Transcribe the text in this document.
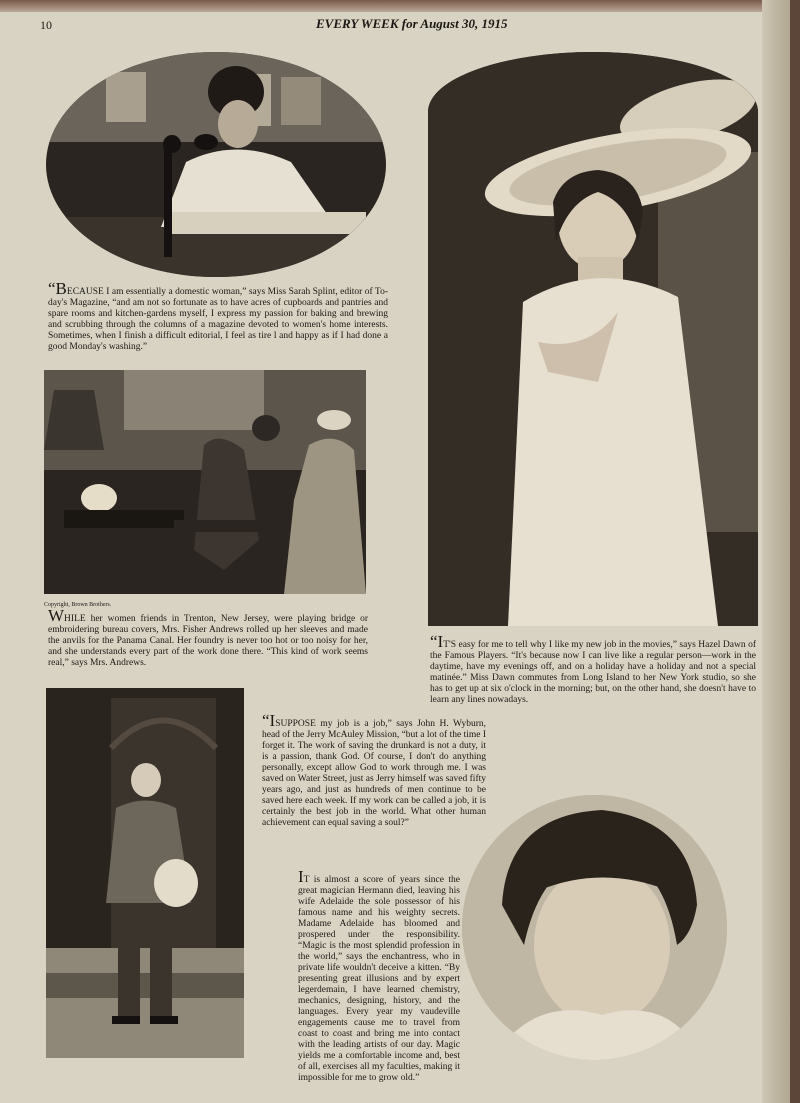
10	EVERY WEEK for August 30, 1915
“BECAUSE I am essentially a domestic woman,” says Miss Sarah Splint, editor of To-day's Magazine, “and am not so fortunate as to have acres of cupboards and pantries and spare rooms and kitchen-gardens myself, I express my passion for baking and brewing and scrubbing through the columns of a magazine devoted to women's home interests. Sometimes, when I finish a difficult editorial, I feel as tire l and happy as if I had done a good Monday's washing.”
Copyright, Brown Brothers.
WHILE her women friends in Trenton, New Jersey, were playing bridge or embroidering bureau covers, Mrs. Fisher Andrews rolled up her sleeves and made the anvils for the Panama Canal. Her foundry is never too hot or too noisy for her, and she understands every part of the work done there. “This kind of work seems real,” says Mrs. Andrews.
“IT'S easy for me to tell why I like my new job in the movies,” says Hazel Dawn of the Famous Players. “It's because now I can live like a regular person—work in the daytime, have my evenings off, and on a holiday have a holiday and not a special matinée.” Miss Dawn commutes from Long Island to her New York studio, so she has to get up at six o'clock in the morning; but, on the other hand, she doesn't have to learn any lines nowadays.
“ISUPPOSE my job is a job,” says John H. Wyburn, head of the Jerry McAuley Mission, “but a lot of the time I forget it. The work of saving the drunkard is not a duty, it is a passion, thank God. Of course, I don't do anything personally, except allow God to work through me. I was saved on Water Street, just as Jerry himself was saved fifty years ago, and just as hundreds of men continue to be saved here each week. If my work can be called a job, it is certainly the best job in the world. What other human achievement can equal saving a soul?”
IT is almost a score of years since the great magician Hermann died, leaving his wife Adelaide the sole possessor of his famous name and his weighty secrets. Madame Adelaide has bloomed and prospered under the responsibility. “Magic is the most splendid profession in the world,” says the enchantress, who in private life wouldn't deceive a kitten. “By presenting great illusions and by expert legerdemain, I have learned chemistry, mechanics, designing, history, and the languages. Every year my vaudeville engagements cause me to travel from coast to coast and bring me into contact with the leading artists of our day. Magic yields me a comfortable income and, best of all, exercises all my faculties, making it impossible for me to grow old.”
